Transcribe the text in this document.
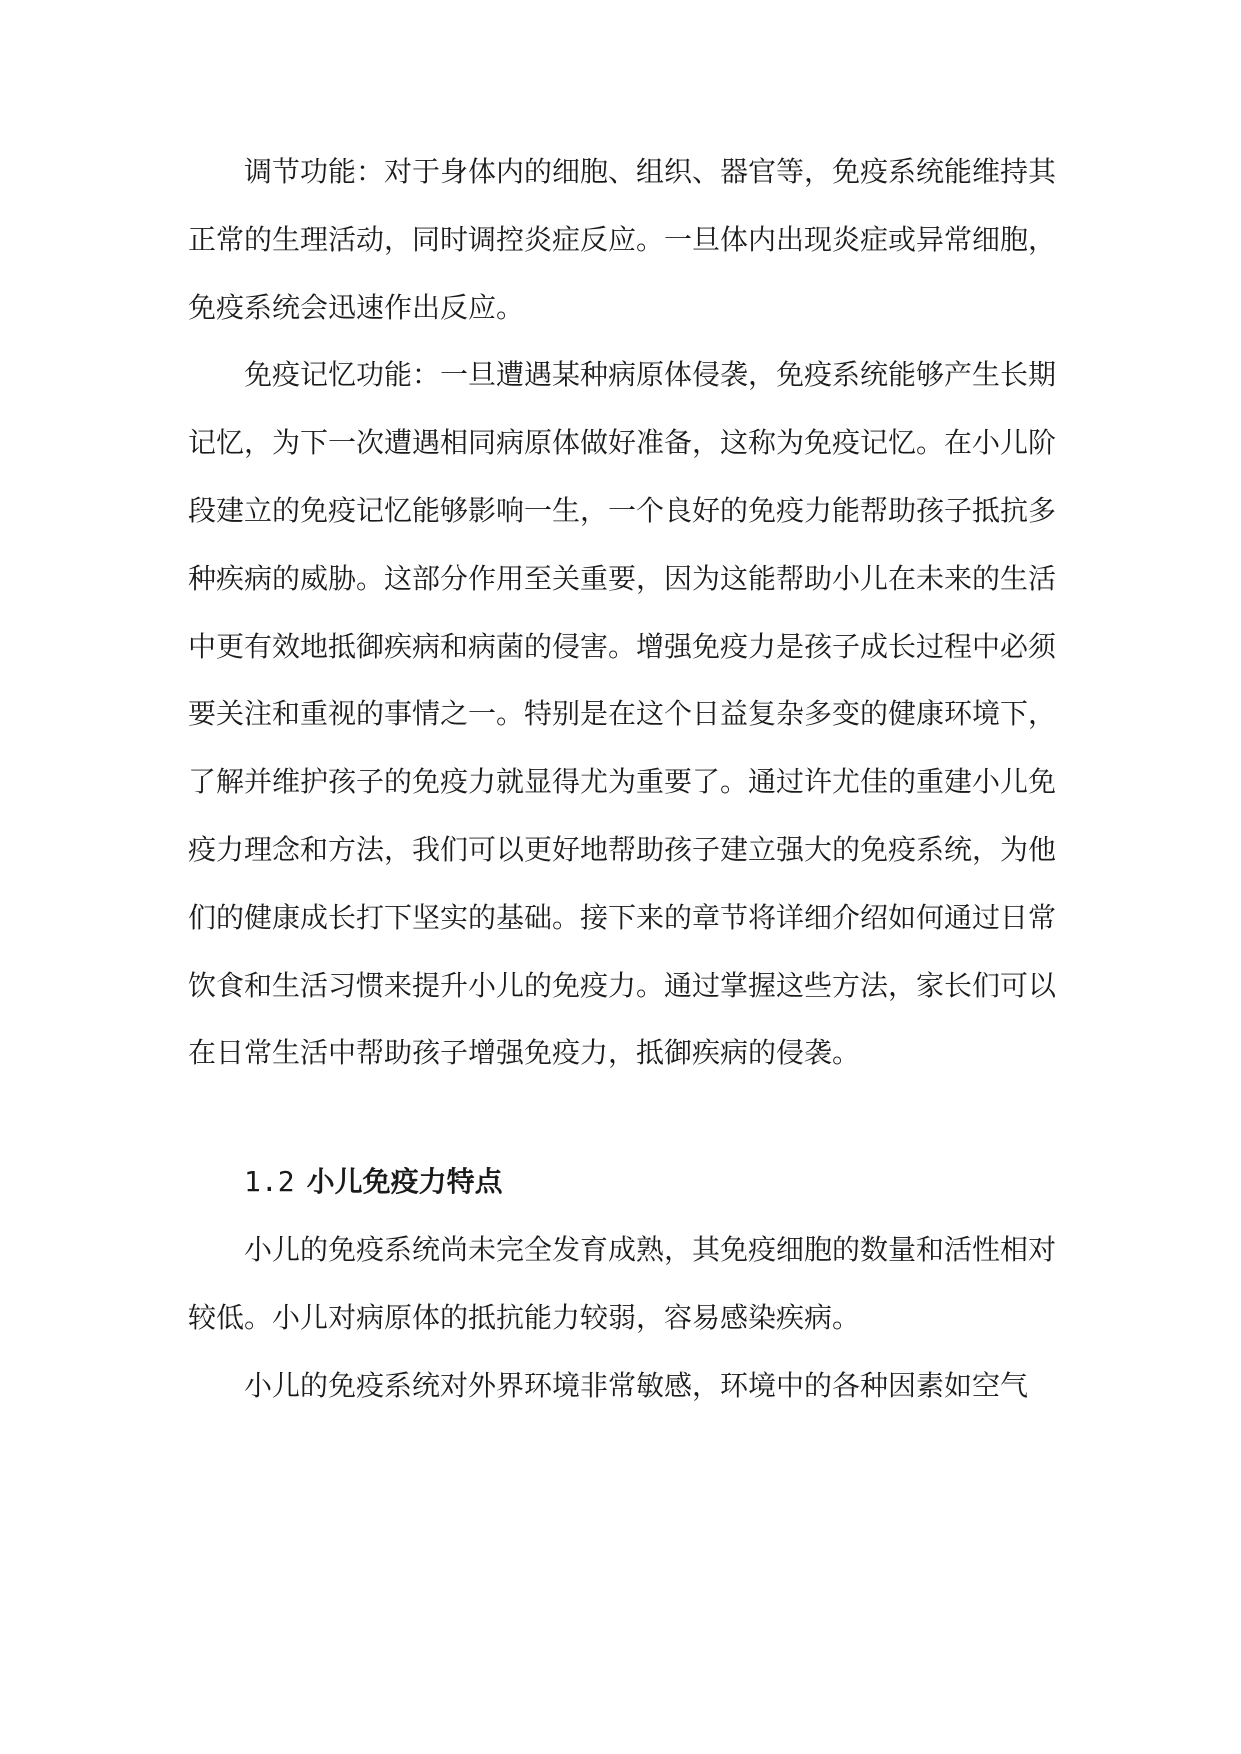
调节功能：对于身体内的细胞、组织、器官等，免疫系统能维持其正常的生理活动，同时调控炎症反应。一旦体内出现炎症或异常细胞，免疫系统会迅速作出反应。

免疫记忆功能：一旦遭遇某种病原体侵袭，免疫系统能够产生长期记忆，为下一次遭遇相同病原体做好准备，这称为免疫记忆。在小儿阶段建立的免疫记忆能够影响一生，一个良好的免疫力能帮助孩子抵抗多种疾病的威胁。这部分作用至关重要，因为这能帮助小儿在未来的生活中更有效地抵御疾病和病菌的侵害。增强免疫力是孩子成长过程中必须要关注和重视的事情之一。特别是在这个日益复杂多变的健康环境下，了解并维护孩子的免疫力就显得尤为重要了。通过许尤佳的重建小儿免疫力理念和方法，我们可以更好地帮助孩子建立强大的免疫系统，为他们的健康成长打下坚实的基础。接下来的章节将详细介绍如何通过日常饮食和生活习惯来提升小儿的免疫力。通过掌握这些方法，家长们可以在日常生活中帮助孩子增强免疫力，抵御疾病的侵袭。

1.2 小儿免疫力特点

小儿的免疫系统尚未完全发育成熟，其免疫细胞的数量和活性相对较低。小儿对病原体的抵抗能力较弱，容易感染疾病。

小儿的免疫系统对外界环境非常敏感，环境中的各种因素如空气
